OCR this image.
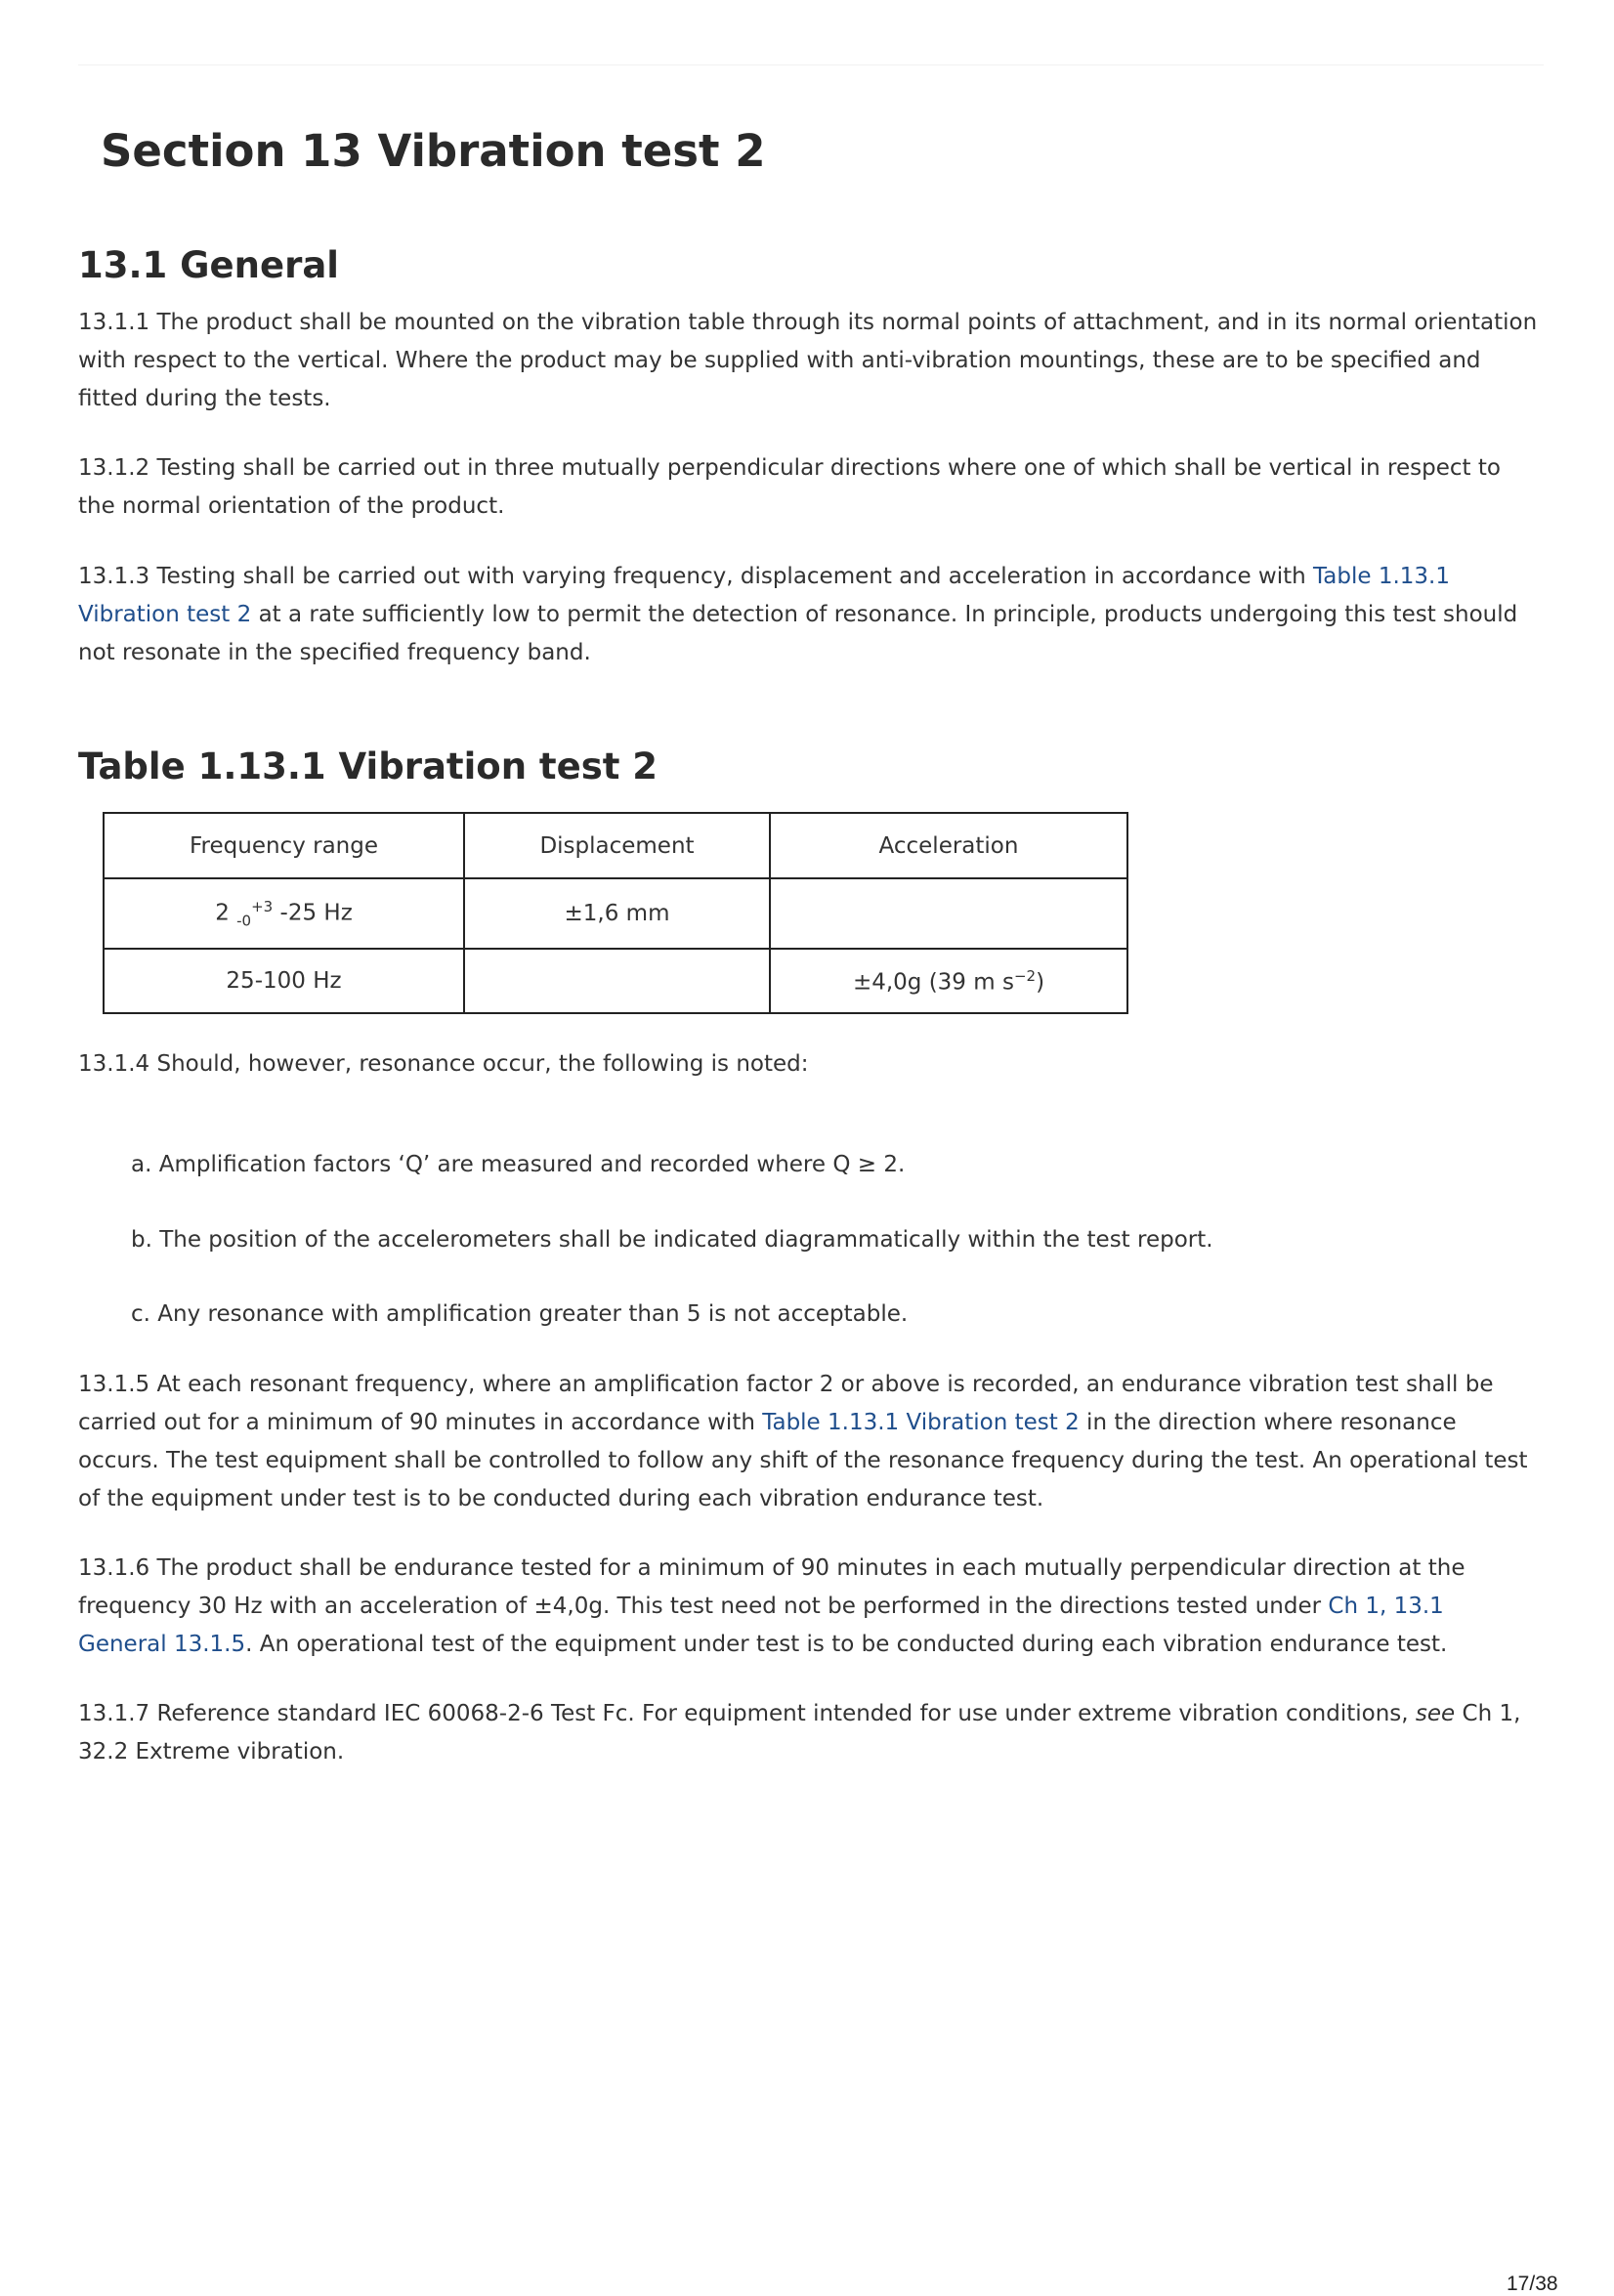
Section 13 Vibration test 2
13.1 General

13.1.1 The product shall be mounted on the vibration table through its normal points of attachment, and in its normal orientation with respect to the vertical. Where the product may be supplied with anti-vibration mountings, these are to be specified and fitted during the tests.

13.1.2 Testing shall be carried out in three mutually perpendicular directions where one of which shall be vertical in respect to the normal orientation of the product.

13.1.3 Testing shall be carried out with varying frequency, displacement and acceleration in accordance with Table 1.13.1 Vibration test 2 at a rate sufficiently low to permit the detection of resonance. In principle, products undergoing this test should not resonate in the specified frequency band.

Table 1.13.1 Vibration test 2
Frequency range	Displacement	Acceleration
2 $_{-0}^{+3}$ -25 Hz	±1,6 mm	
25-100 Hz		±4,0g (39 m $s^{-2}$)

13.1.4 Should, however, resonance occur, the following is noted:

a. Amplification factors ‘Q’ are measured and recorded where Q ≥ 2.

b. The position of the accelerometers shall be indicated diagrammatically within the test report.

c. Any resonance with amplification greater than 5 is not acceptable.

13.1.5 At each resonant frequency, where an amplification factor 2 or above is recorded, an endurance vibration test shall be carried out for a minimum of 90 minutes in accordance with Table 1.13.1 Vibration test 2 in the direction where resonance occurs. The test equipment shall be controlled to follow any shift of the resonance frequency during the test. An operational test of the equipment under test is to be conducted during each vibration endurance test.

13.1.6 The product shall be endurance tested for a minimum of 90 minutes in each mutually perpendicular direction at the frequency 30 Hz with an acceleration of ±4,0g. This test need not be performed in the directions tested under Ch 1, 13.1 General 13.1.5. An operational test of the equipment under test is to be conducted during each vibration endurance test.

13.1.7 Reference standard IEC 60068-2-6 Test Fc. For equipment intended for use under extreme vibration conditions, see Ch 1, 32.2 Extreme vibration.

17/38
